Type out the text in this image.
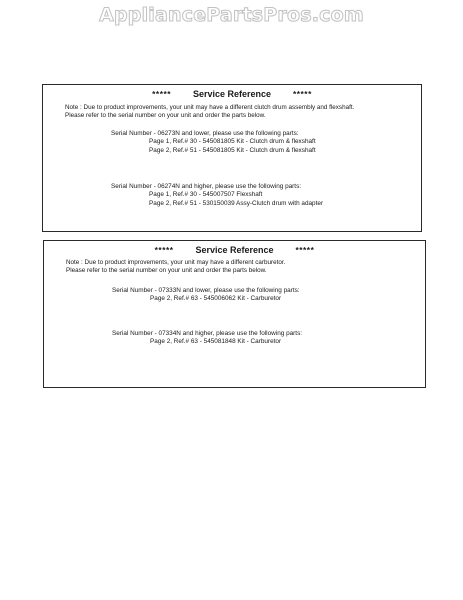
AppliancePartsPros.com
***** Service Reference	*****
Note : Due to product improvements, your unit may have a different clutch drum assembly and flexshaft.
Please refer to the serial number on your unit and order the parts below.
Serial Number - 06273N and lower, please use the following parts:
Page 1, Ref.# 30 - 545081805 Kit - Clutch drum & flexshaft
Page 2, Ref.# 51 - 545081805 Kit - Clutch drum & flexshaft
Serial Number - 06274N and higher, please use the following parts:
Page 1, Ref.# 30 - 545007507 Flexshaft
Page 2, Ref.# 51 - 530150039 Assy-Clutch drum with adapter
***** Service Reference	*****
Note : Due to product improvements, your unit may have a different carburetor.
Please refer to the serial number on your unit and order the parts below.
Serial Number - 07333N and lower, please use the following parts:
Page 2, Ref.# 63 - 545006062 Kit - Carburetor
Serial Number - 07334N and higher, please use the following parts:
Page 2, Ref.# 63 - 545081848 Kit - Carburetor
